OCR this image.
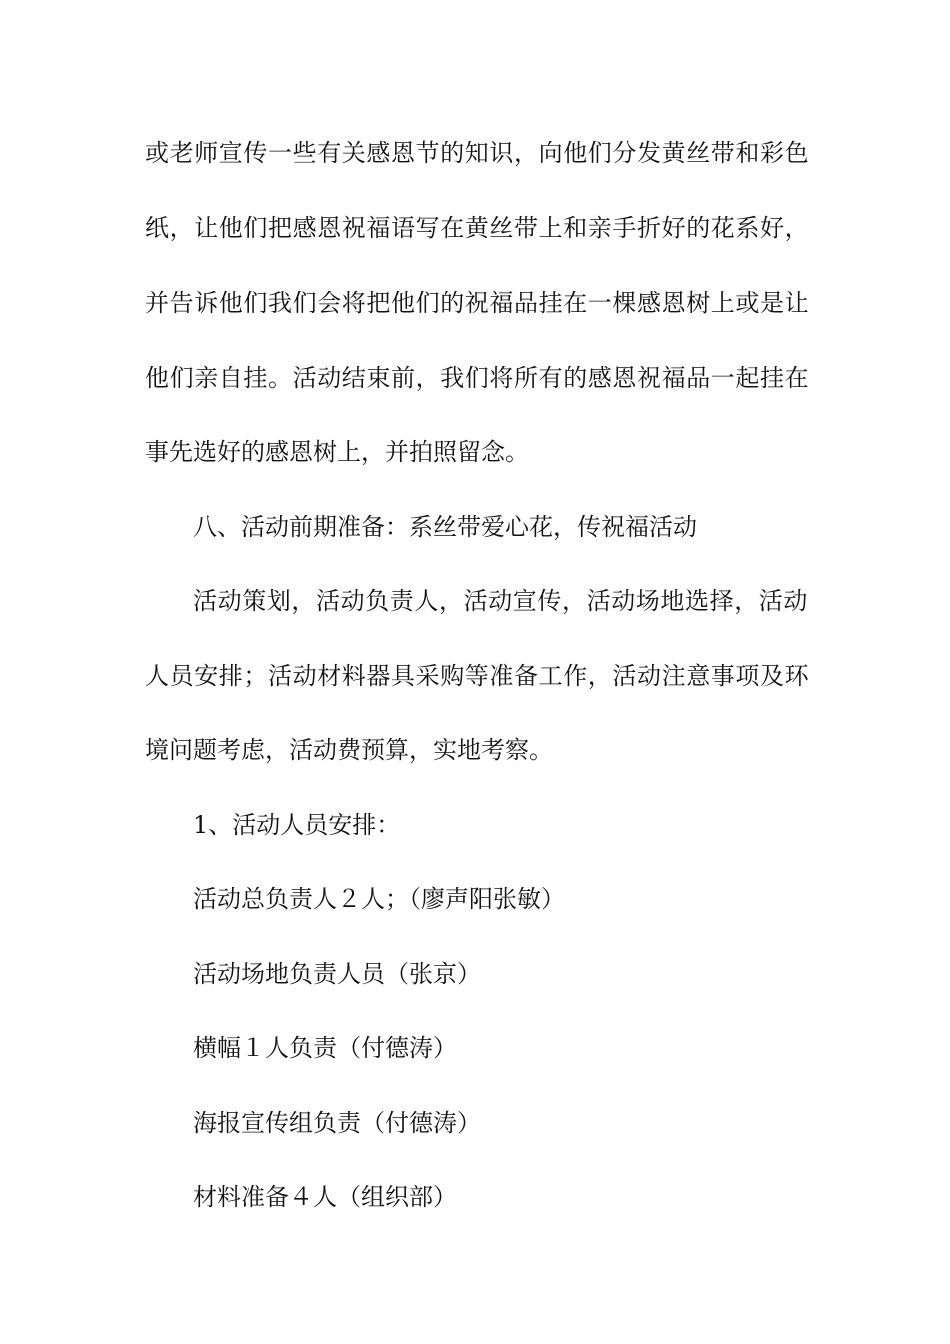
或老师宣传一些有关感恩节的知识，向他们分发黄丝带和彩色
纸，让他们把感恩祝福语写在黄丝带上和亲手折好的花系好，
并告诉他们我们会将把他们的祝福品挂在一棵感恩树上或是让
他们亲自挂。活动结束前，我们将所有的感恩祝福品一起挂在
事先选好的感恩树上，并拍照留念。
八、活动前期准备：系丝带爱心花，传祝福活动
活动策划，活动负责人，活动宣传，活动场地选择，活动
人员安排；活动材料器具采购等准备工作，活动注意事项及环
境问题考虑，活动费预算，实地考察。
1、活动人员安排：
活动总负责人２人；（廖声阳张敏）
活动场地负责人员（张京）
横幅１人负责（付德涛）
海报宣传组负责（付德涛）
材料准备４人（组织部）
